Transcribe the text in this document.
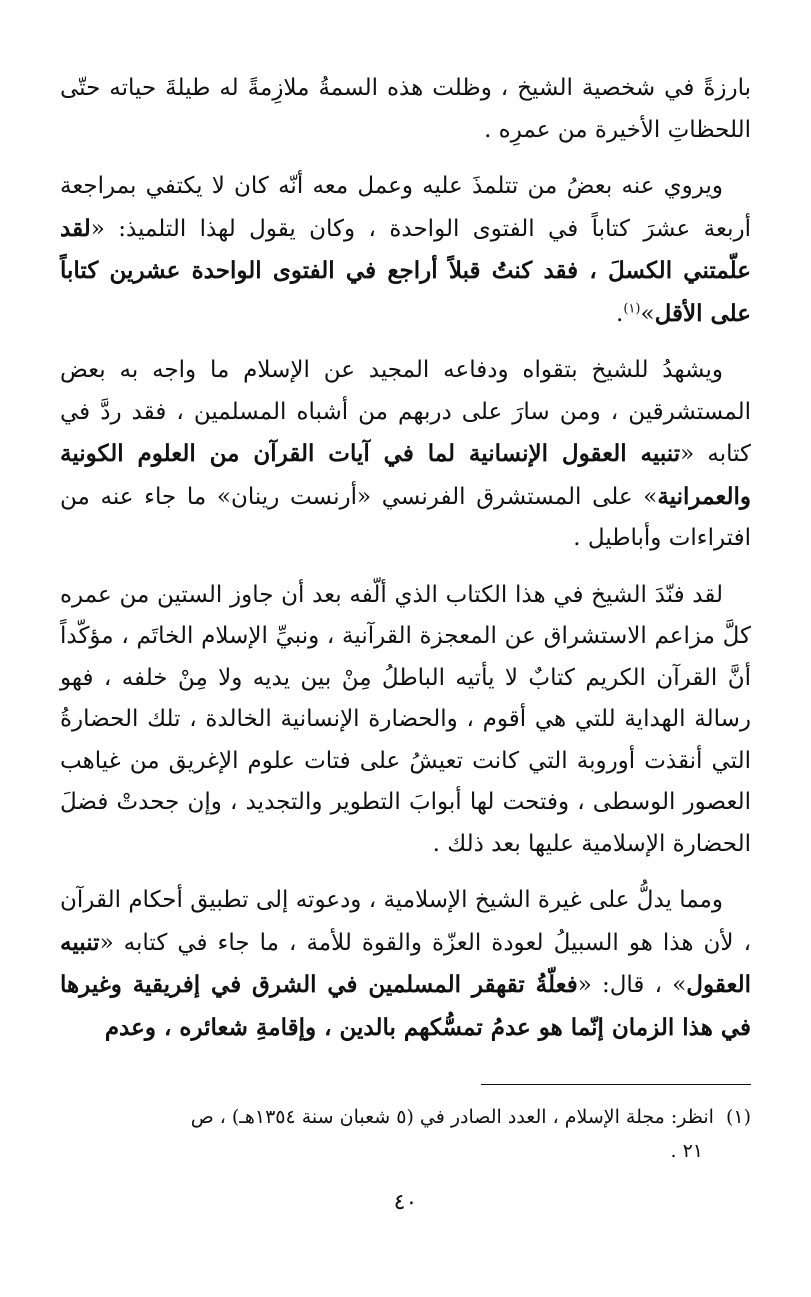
بارزةً في شخصية الشيخ ، وظلت هذه السمةُ ملازِمةً له طيلةَ حياته حتّى اللحظاتِ الأخيرة من عمرِه .

ويروي عنه بعضُ من تتلمذَ عليه وعمل معه أنّه كان لا يكتفي بمراجعة أربعة عشرَ كتاباً في الفتوى الواحدة ، وكان يقول لهذا التلميذ: «لقد علّمتني الكسلَ ، فقد كنتُ قبلاً أراجع في الفتوى الواحدة عشرين كتاباً على الأقل»$^{(١)}$.

ويشهدُ للشيخ بتقواه ودفاعه المجيد عن الإسلام ما واجه به بعض المستشرقين ، ومن سارَ على دربهم من أشباه المسلمين ، فقد ردَّ في كتابه «تنبيه العقول الإنسانية لما في آيات القرآن من العلوم الكونية والعمرانية» على المستشرق الفرنسي «أرنست رينان» ما جاء عنه من افتراءات وأباطيل .

لقد فنّدَ الشيخ في هذا الكتاب الذي ألّفه بعد أن جاوز الستين من عمره كلَّ مزاعم الاستشراق عن المعجزة القرآنية ، ونبيِّ الإسلام الخاتَم ، مؤكّداً أنَّ القرآن الكريم كتابٌ لا يأتيه الباطلُ مِنْ بين يديه ولا مِنْ خلفه ، فهو رسالة الهداية للتي هي أقوم ، والحضارة الإنسانية الخالدة ، تلك الحضارةُ التي أنقذت أوروبة التي كانت تعيشُ على فتات علوم الإغريق من غياهب العصور الوسطى ، وفتحت لها أبوابَ التطوير والتجديد ، وإن جحدتْ فضلَ الحضارة الإسلامية عليها بعد ذلك .

ومما يدلُّ على غيرة الشيخ الإسلامية ، ودعوته إلى تطبيق أحكام القرآن ، لأن هذا هو السبيلُ لعودة العزّة والقوة للأمة ، ما جاء في كتابه «تنبيه العقول» ، قال: «فعلّةُ تقهقر المسلمين في الشرق في إفريقية وغيرها في هذا الزمان إنّما هو عدمُ تمسُّكهم بالدين ، وإقامةِ شعائره ، وعدم

(١)انظر: مجلة الإسلام ، العدد الصادر في (٥ شعبان سنة ١٣٥٤هـ) ، ص
٢١ .
٤٠
